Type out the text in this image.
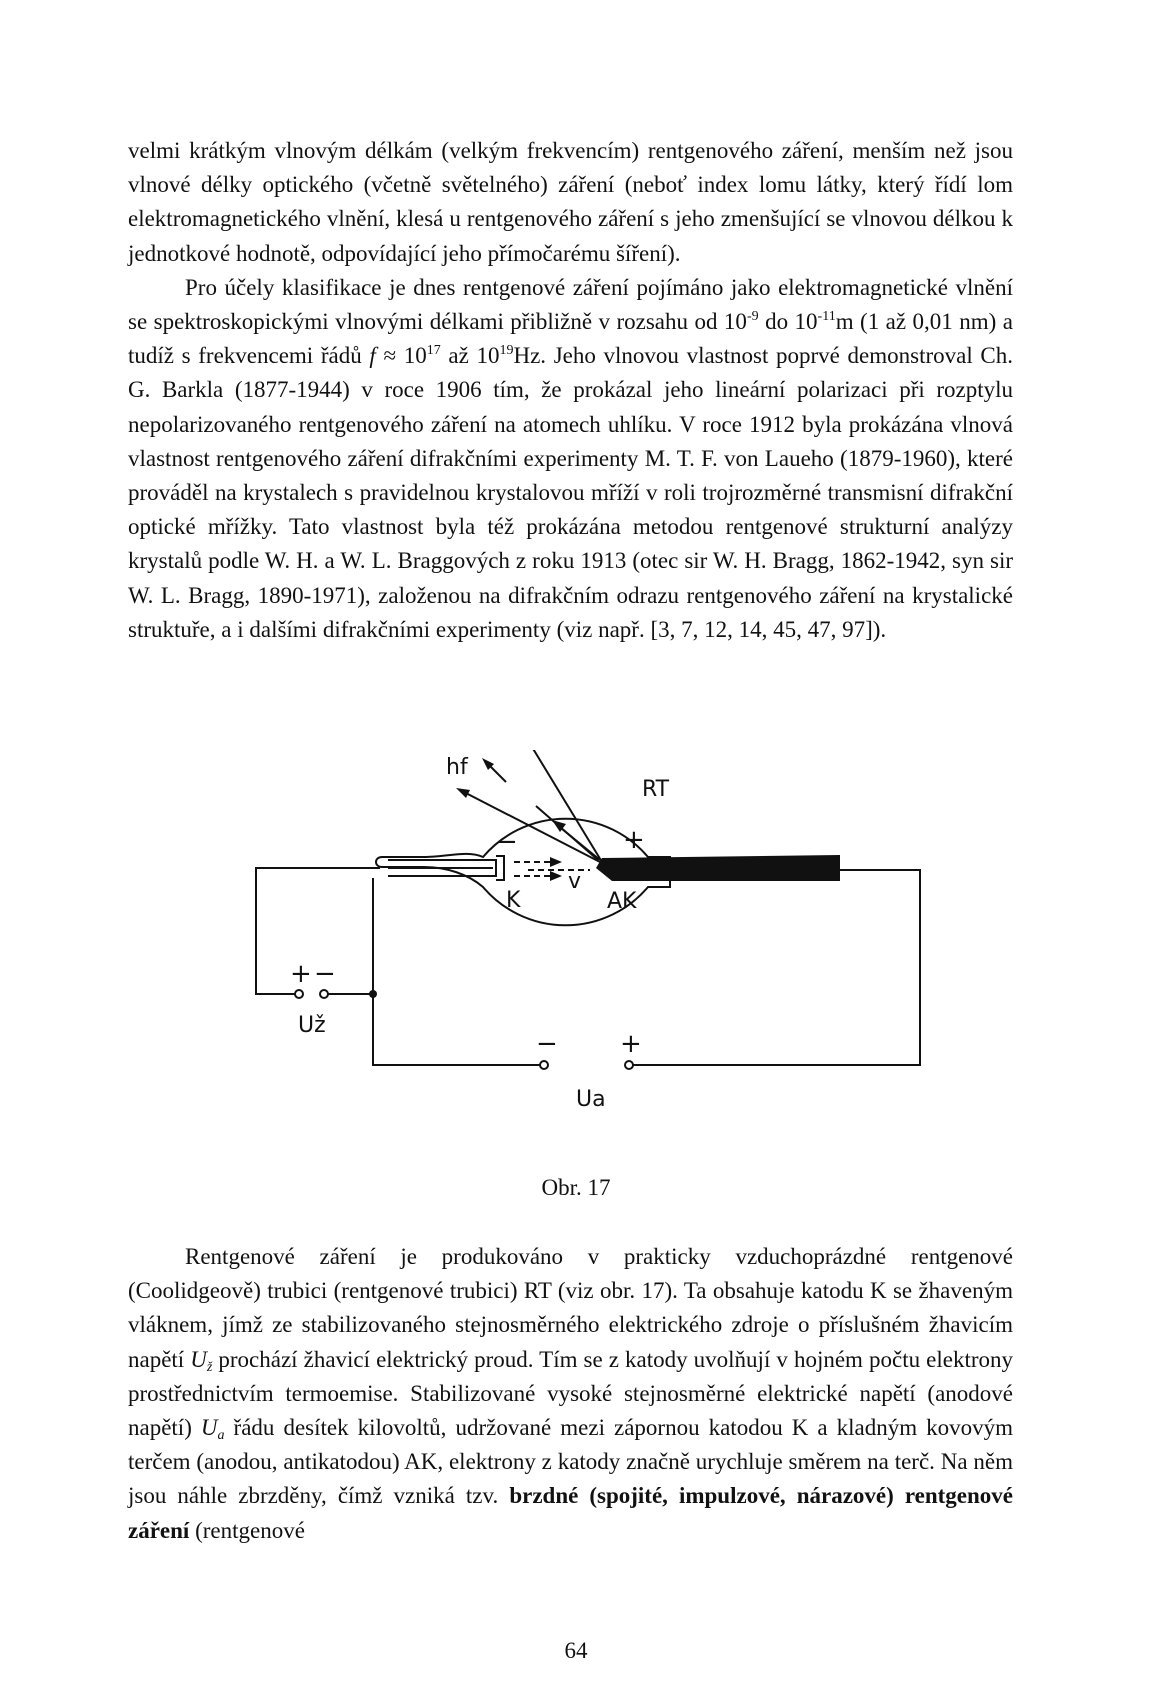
velmi krátkým vlnovým délkám (velkým frekvencím) rentgenového záření, menším než jsou vlnové délky optického (včetně světelného) záření (neboť index lomu látky, který řídí lom elektromagnetického vlnění, klesá u rentgenového záření s jeho zmenšující se vlnovou délkou k jednotkové hodnotě, odpovídající jeho přímočarému šíření).

Pro účely klasifikace je dnes rentgenové záření pojímáno jako elektromagnetické vlnění se spektroskopickými vlnovými délkami přibližně v rozsahu od $10^{-9}$ do $10^{-11}m$ (1 až 0,01 nm) a tudíž s frekvencemi řádů $f \approx 10^{17}$ až $10^{19}Hz$. Jeho vlnovou vlastnost poprvé demonstroval Ch. G. Barkla (1877-1944) v roce 1906 tím, že prokázal jeho lineární polarizaci při rozptylu nepolarizovaného rentgenového záření na atomech uhlíku. V roce 1912 byla prokázána vlnová vlastnost rentgenového záření difrakčními experimenty M. T. F. von Laueho (1879-1960), které prováděl na krystalech s pravidelnou krystalovou mříží v roli trojrozměrné transmisní difrakční optické mřížky. Tato vlastnost byla též prokázána metodou rentgenové strukturní analýzy krystalů podle W. H. a W. L. Braggových z roku 1913 (otec sir W. H. Bragg, 1862-1942, syn sir W. L. Bragg, 1890-1971), založenou na difrakčním odrazu rentgenového záření na krystalické struktuře, a i dalšími difrakčními experimenty (viz např. [3, 7, 12, 14, 45, 47, 97]).

hf
RT
K
v
AK
Už
Ua
−	+
+ −
− +
Obr. 17

Rentgenové záření je produkováno v prakticky vzduchoprázdné rentgenové (Coolidgeově) trubici (rentgenové trubici) RT (viz obr. 17). Ta obsahuje katodu K se žhaveným vláknem, jímž ze stabilizovaného stejnosměrného elektrického zdroje o příslušném žhavicím napětí $U_ž$ prochází žhavicí elektrický proud. Tím se z katody uvolňují v hojném počtu elektrony prostřednictvím termoemise. Stabilizované vysoké stejnosměrné elektrické napětí (anodové napětí) $U_a$ řádu desítek kilovoltů, udržované mezi zápornou katodou K a kladným kovovým terčem (anodou, antikatodou) AK, elektrony z katody značně urychluje směrem na terč. Na něm jsou náhle zbrzděny, čímž vzniká tzv. brzdné (spojité, impulzové, nárazové) rentgenové záření (rentgenové

64
